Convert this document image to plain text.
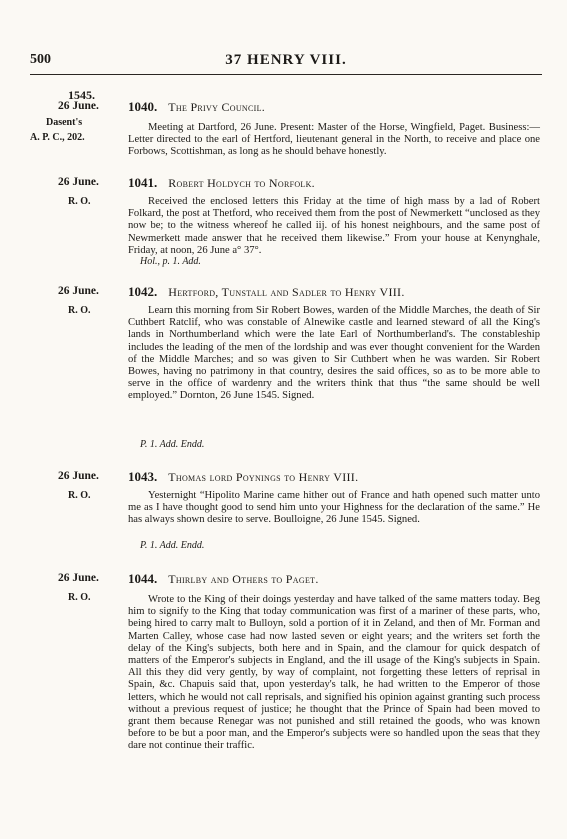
500	37 HENRY VIII.
1545.
26 June.
Dasent's
A. P. C., 202.
1040. The Privy Council.

Meeting at Dartford, 26 June. Present: Master of the Horse, Wingfield, Paget. Business:—Letter directed to the earl of Hertford, lieutenant general in the North, to receive and place one Forbows, Scottishman, as long as he should behave honestly.

26 June.
R. O.
1041. Robert Holdych to Norfolk.

Received the enclosed letters this Friday at the time of high mass by a lad of Robert Folkard, the post at Thetford, who received them from the post of Newmerkett “unclosed as they now be; to the witness whereof he called iij. of his honest neighbours, and the same post of Newmerkett made answer that he received them likewise.” From your house at Kenynghale, Friday, at noon, 26 June a° 37°.

Hol., p. 1. Add.
26 June.
R. O.
1042. Hertford, Tunstall and Sadler to Henry VIII.

Learn this morning from Sir Robert Bowes, warden of the Middle Marches, the death of Sir Cuthbert Ratclif, who was constable of Alnewike castle and learned steward of all the King's lands in Northumberland which were the late Earl of Northumberland's. The constableship includes the leading of the men of the lordship and was ever thought convenient for the Warden of the Middle Marches; and so was given to Sir Cuthbert when he was warden. Sir Robert Bowes, having no patrimony in that country, desires the said offices, so as to be more able to serve in the office of wardenry and the writers think that thus “the same should be well employed.” Dornton, 26 June 1545. Signed.

P. 1. Add. Endd.
26 June.
R. O.
1043. Thomas lord Poynings to Henry VIII.

Yesternight “Hipolito Marine came hither out of France and hath opened such matter unto me as I have thought good to send him unto your Highness for the declaration of the same.” He has always shown desire to serve. Boulloigne, 26 June 1545. Signed.

P. 1. Add. Endd.
26 June.
R. O.
1044. Thirlby and Others to Paget.

Wrote to the King of their doings yesterday and have talked of the same matters today. Beg him to signify to the King that today communication was first of a mariner of these parts, who, being hired to carry malt to Bulloyn, sold a portion of it in Zeland, and then of Mr. Forman and Marten Calley, whose case had now lasted seven or eight years; and the writers set forth the delay of the King's subjects, both here and in Spain, and the clamour for quick despatch of matters of the Emperor's subjects in England, and the ill usage of the King's subjects in Spain. All this they did very gently, by way of complaint, not forgetting these letters of reprisal in Spain, &c. Chapuis said that, upon yesterday's talk, he had written to the Emperor of those letters, which he would not call reprisals, and signified his opinion against granting such process without a previous request of justice; he thought that the Prince of Spain had been moved to grant them because Renegar was not punished and still retained the goods, who was known before to be but a poor man, and the Emperor's subjects were so handled upon the seas that they dare not continue their traffic.
